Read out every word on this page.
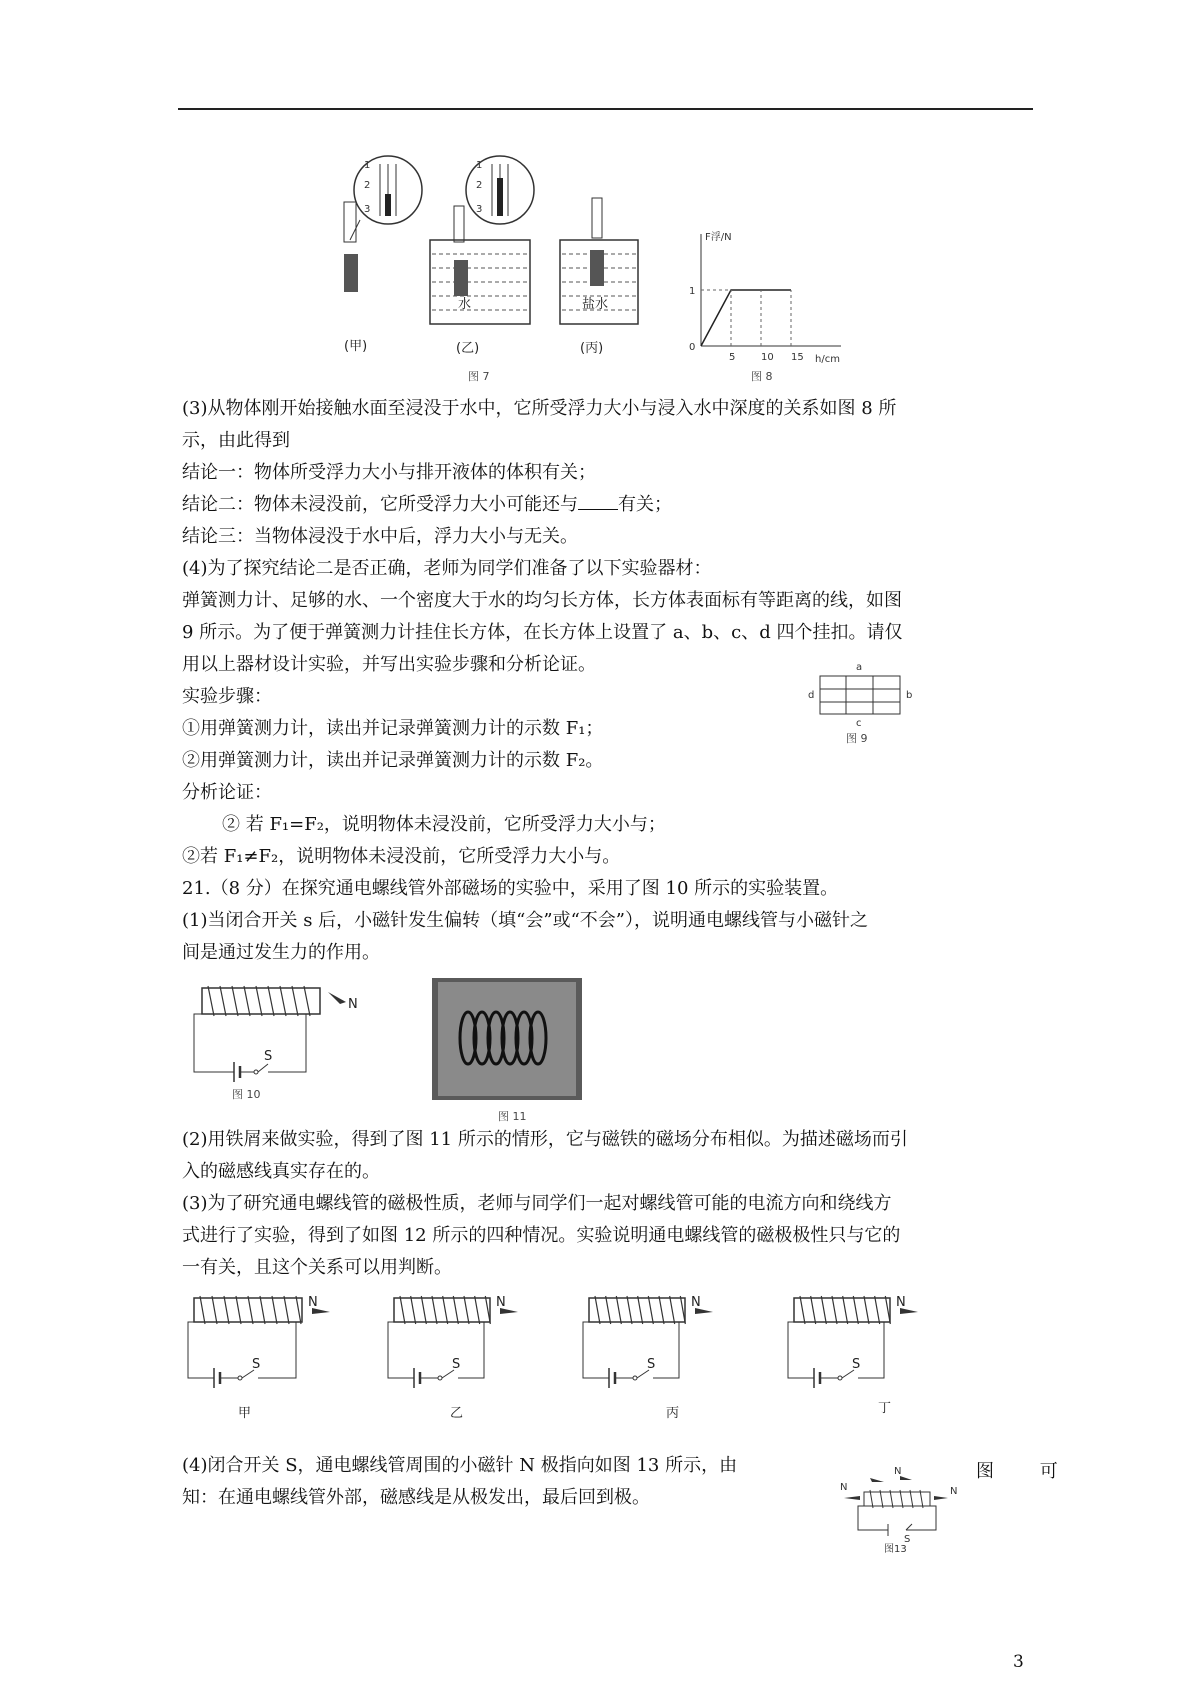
1
2
3
1
2
3
水	盐水
(甲)	(乙)	(丙)
图 7
F浮/N
h/cm
0
1
5	10 15
图 8
a
b
c
d
图 9
S
N
图 10
图 11
S
N
S
N
S
N
S
N
甲	乙	丙	丁
N	N
N
S
图13
图 可

(3)从物体刚开始接触水面至浸没于水中，它所受浮力大小与浸入水中深度的关系如图 8 所

示，由此得到

结论一：物体所受浮力大小与排开液体的体积有关；

结论二：物体未浸没前，它所受浮力大小可能还与 有关；

结论三：当物体浸没于水中后，浮力大小与无关。

(4)为了探究结论二是否正确，老师为同学们准备了以下实验器材：

弹簧测力计、足够的水、一个密度大于水的均匀长方体，长方体表面标有等距离的线，如图

9 所示。为了便于弹簧测力计挂住长方体，在长方体上设置了 a、b、c、d 四个挂扣。请仅

用以上器材设计实验，并写出实验步骤和分析论证。

实验步骤：

①用弹簧测力计，读出并记录弹簧测力计的示数 F₁；

②用弹簧测力计，读出并记录弹簧测力计的示数 F₂。

分析论证：

② 若 F₁=F₂，说明物体未浸没前，它所受浮力大小与；

②若 F₁≠F₂，说明物体未浸没前，它所受浮力大小与。

21.（8 分）在探究通电螺线管外部磁场的实验中，采用了图 10 所示的实验装置。

(1)当闭合开关 s 后，小磁针发生偏转（填“会”或“不会”），说明通电螺线管与小磁针之

间是通过发生力的作用。

(2)用铁屑来做实验，得到了图 11 所示的情形，它与磁铁的磁场分布相似。为描述磁场而引

入的磁感线真实存在的。

(3)为了研究通电螺线管的磁极性质，老师与同学们一起对螺线管可能的电流方向和绕线方

式进行了实验，得到了如图 12 所示的四种情况。实验说明通电螺线管的磁极极性只与它的

一有关，且这个关系可以用判断。

(4)闭合开关 S，通电螺线管周围的小磁针 N 极指向如图 13 所示，由

知：在通电螺线管外部，磁感线是从极发出，最后回到极。

3
